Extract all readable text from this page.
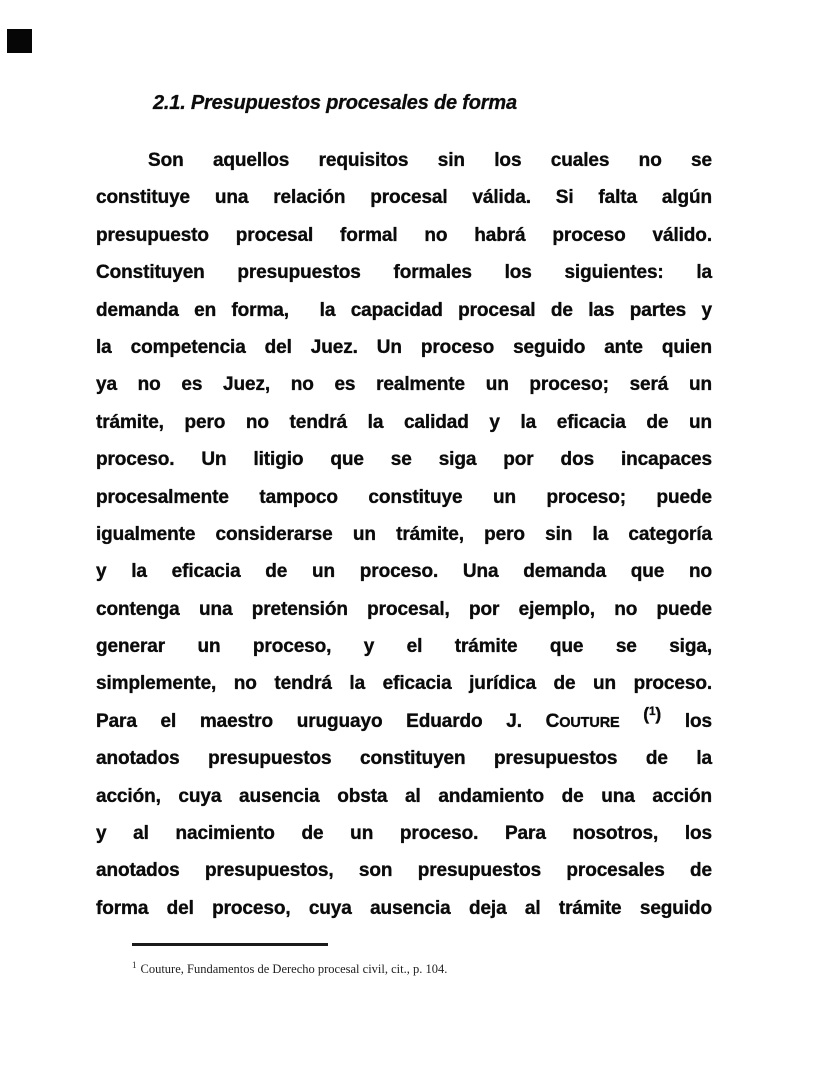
2.1. Presupuestos procesales de forma
Son aquellos requisitos sin los cuales no se
constituye una relación procesal válida. Si falta algún
presupuesto procesal formal no habrá proceso válido.
Constituyen presupuestos formales los siguientes: la
demanda en forma,  la capacidad procesal de las partes y
la competencia del Juez. Un proceso seguido ante quien
ya no es Juez, no es realmente un proceso; será un
trámite, pero no tendrá la calidad y la eficacia de un
proceso. Un litigio que se siga por dos incapaces
procesalmente tampoco constituye un proceso; puede
igualmente considerarse un trámite, pero sin la categoría
y la eficacia de un proceso. Una demanda que no
contenga una pretensión procesal, por ejemplo, no puede
generar un proceso, y el trámite que se siga,
simplemente, no tendrá la eficacia jurídica de un proceso.
Para el maestro uruguayo Eduardo J. COUTURE ($^1$) los
anotados presupuestos constituyen presupuestos de la
acción, cuya ausencia obsta al andamiento de una acción
y al nacimiento de un proceso. Para nosotros, los
anotados presupuestos, son presupuestos procesales de
forma del proceso, cuya ausencia deja al trámite seguido
$^1$ Couture, Fundamentos de Derecho procesal civil, cit., p. 104.
